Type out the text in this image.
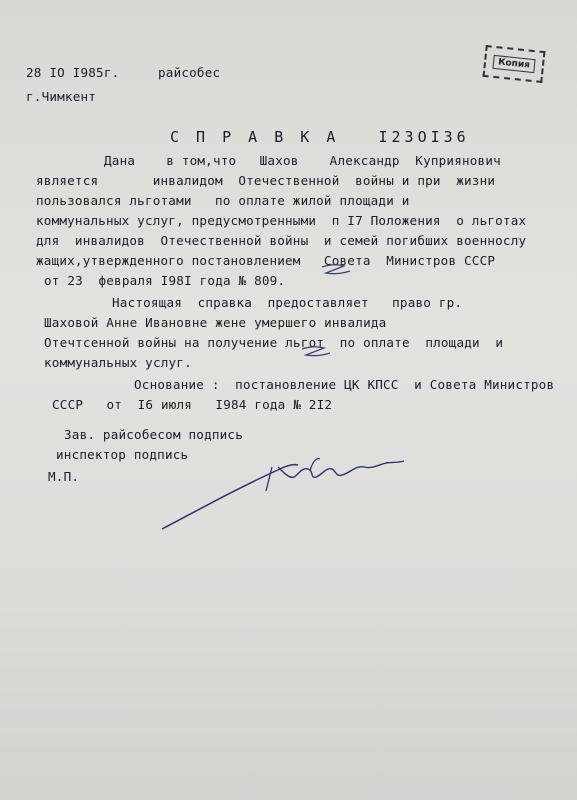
Копия
28 IO I985г.	райсобес
г.Чимкент
С П Р А В К А   I23OI36
Дана    в том,что   Шахов    Александр  Куприянович
является       инвалидом  Отечественной  войны и при  жизни
пользовался льготами   по оплате жилой площади и
коммунальных услуг, предусмотренными  п I7 Положения  о льготах
для  инвалидов  Отечественной войны  и семей погибших военнослу
жащих,утвержденного постановлением   Совета  Министров СССР
от 23  февраля I98I года № 809.
Настоящая  справка  предоставляет   право гр.
Шаховой Анне Ивановне жене умершего инвалида
Отечтсенной войны на получение льгот  по оплате  площади  и
коммунальных услуг.
Основание :  постановление ЦК КПСС  и Совета Министров
СССР   от  I6 июля   I984 года № 2I2
Зав. райсобесом подпись
инспектор подпись
М.П.
